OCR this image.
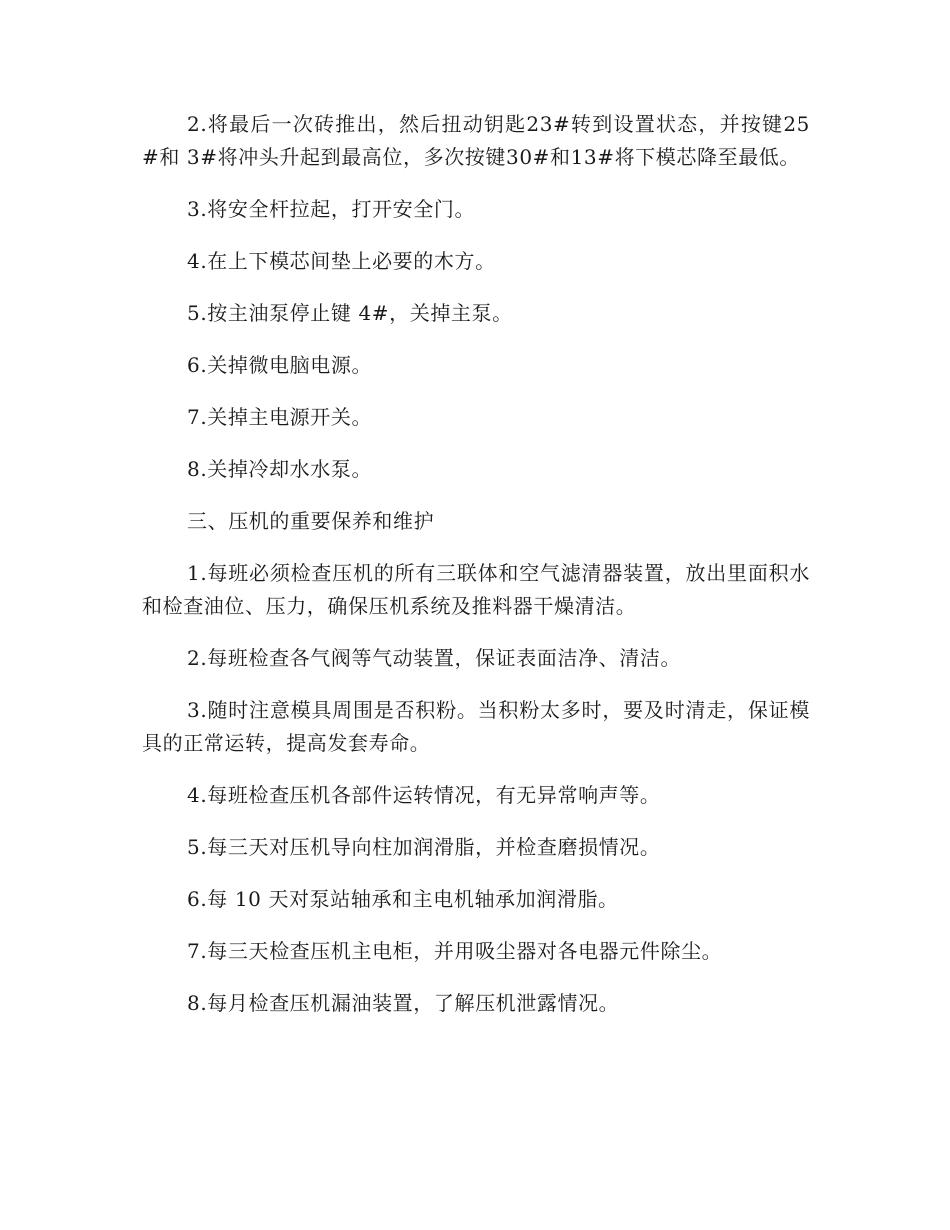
2.将最后一次砖推出，然后扭动钥匙23#转到设置状态，并按键25#和 3#将冲头升起到最高位，多次按键30#和13#将下模芯降至最低。

3.将安全杆拉起，打开安全门。

4.在上下模芯间垫上必要的木方。

5.按主油泵停止键 4#，关掉主泵。

6.关掉微电脑电源。

7.关掉主电源开关。

8.关掉冷却水水泵。

三、压机的重要保养和维护

1.每班必须检查压机的所有三联体和空气滤清器装置，放出里面积水和检查油位、压力，确保压机系统及推料器干燥清洁。

2.每班检查各气阀等气动装置，保证表面洁净、清洁。

3.随时注意模具周围是否积粉。当积粉太多时，要及时清走，保证模具的正常运转，提高发套寿命。

4.每班检查压机各部件运转情况，有无异常响声等。

5.每三天对压机导向柱加润滑脂，并检查磨损情况。

6.每 10 天对泵站轴承和主电机轴承加润滑脂。

7.每三天检查压机主电柜，并用吸尘器对各电器元件除尘。

8.每月检查压机漏油装置，了解压机泄露情况。
